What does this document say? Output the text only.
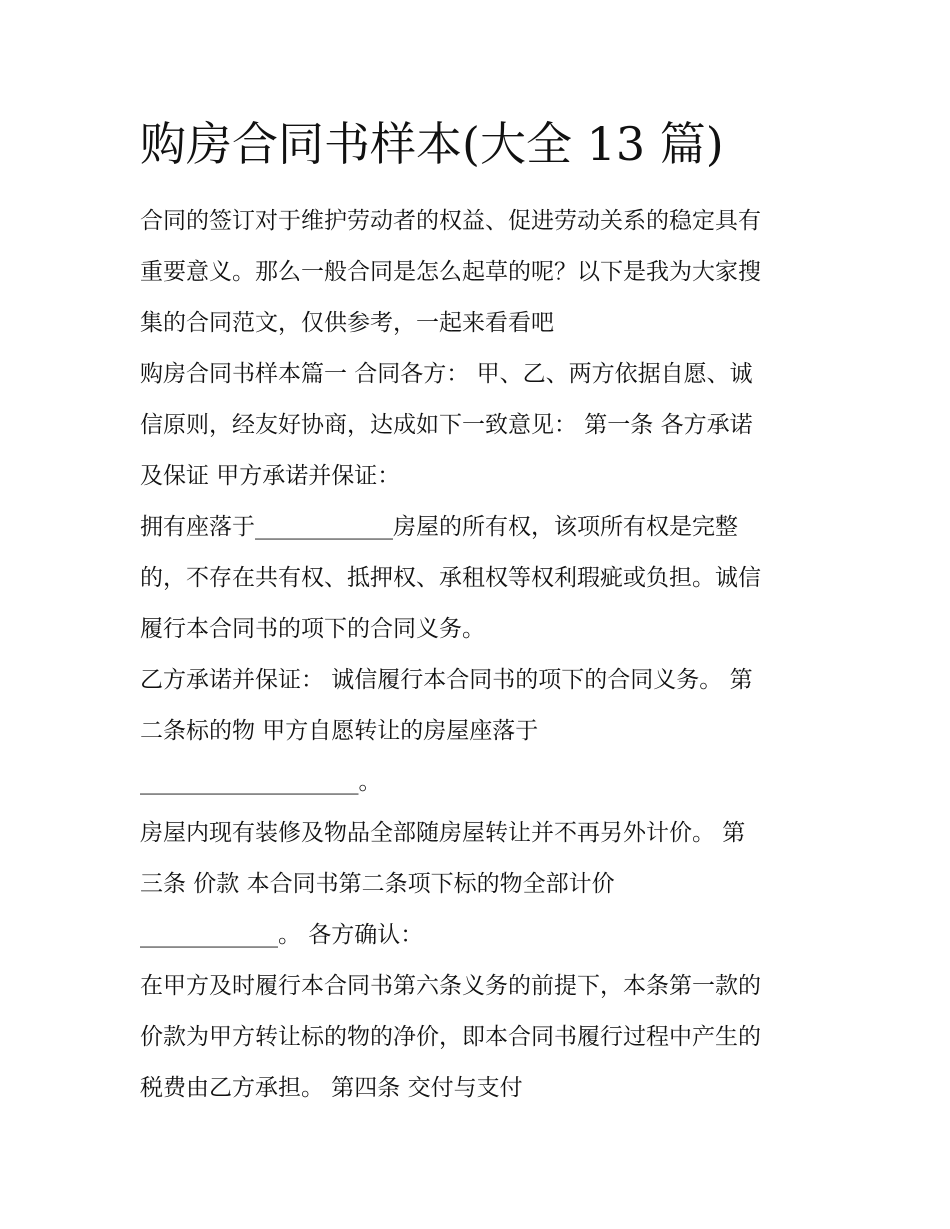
购房合同书样本(大全 13 篇)
合同的签订对于维护劳动者的权益、促进劳动关系的稳定具有
重要意义。那么一般合同是怎么起草的呢？以下是我为大家搜
集的合同范文，仅供参考，一起来看看吧
购房合同书样本篇一 合同各方： 甲、乙、两方依据自愿、诚
信原则，经友好协商，达成如下一致意见： 第一条 各方承诺
及保证 甲方承诺并保证：
拥有座落于____________房屋的所有权，该项所有权是完整
的，不存在共有权、抵押权、承租权等权利瑕疵或负担。诚信
履行本合同书的项下的合同义务。
乙方承诺并保证： 诚信履行本合同书的项下的合同义务。 第
二条标的物 甲方自愿转让的房屋座落于
___________________。
房屋内现有装修及物品全部随房屋转让并不再另外计价。 第
三条 价款 本合同书第二条项下标的物全部计价
____________。 各方确认：
在甲方及时履行本合同书第六条义务的前提下，本条第一款的
价款为甲方转让标的物的净价，即本合同书履行过程中产生的
税费由乙方承担。 第四条 交付与支付
